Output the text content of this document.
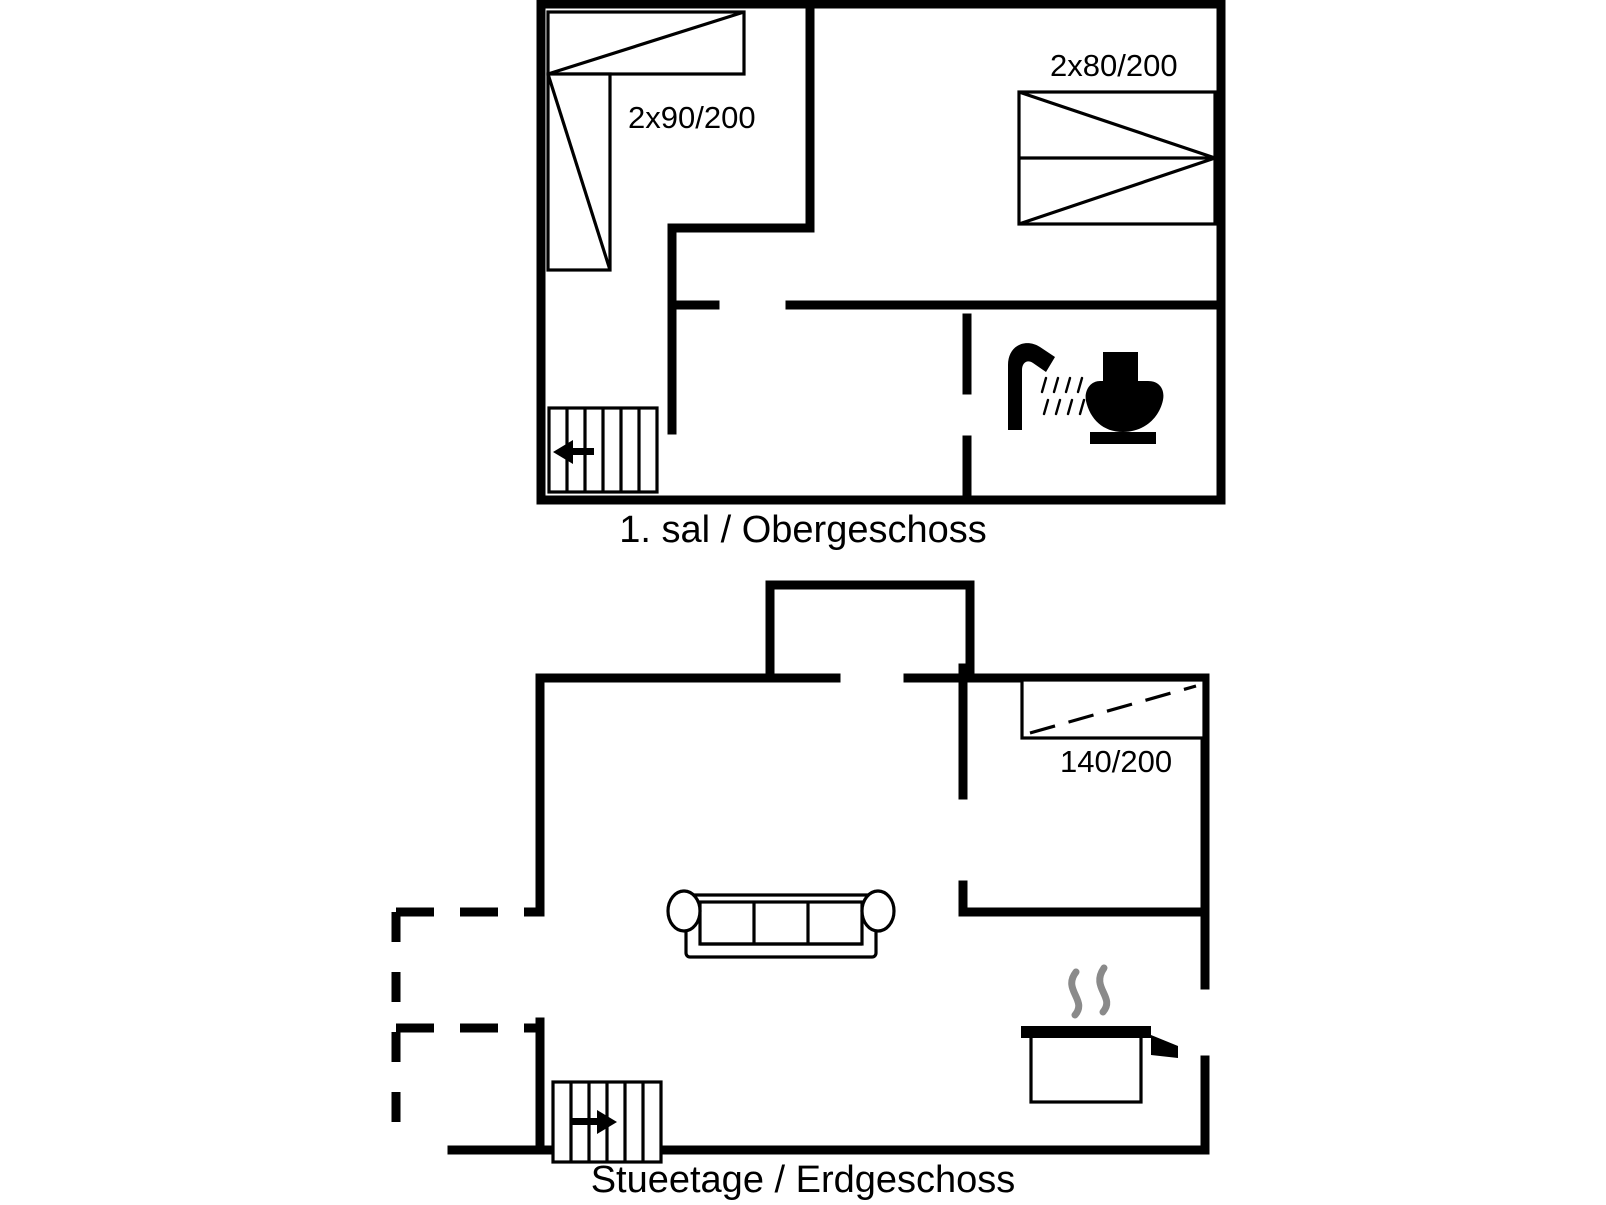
2x90/200
2x80/200
1. sal / Obergeschoss
140/200
Stueetage / Erdgeschoss
